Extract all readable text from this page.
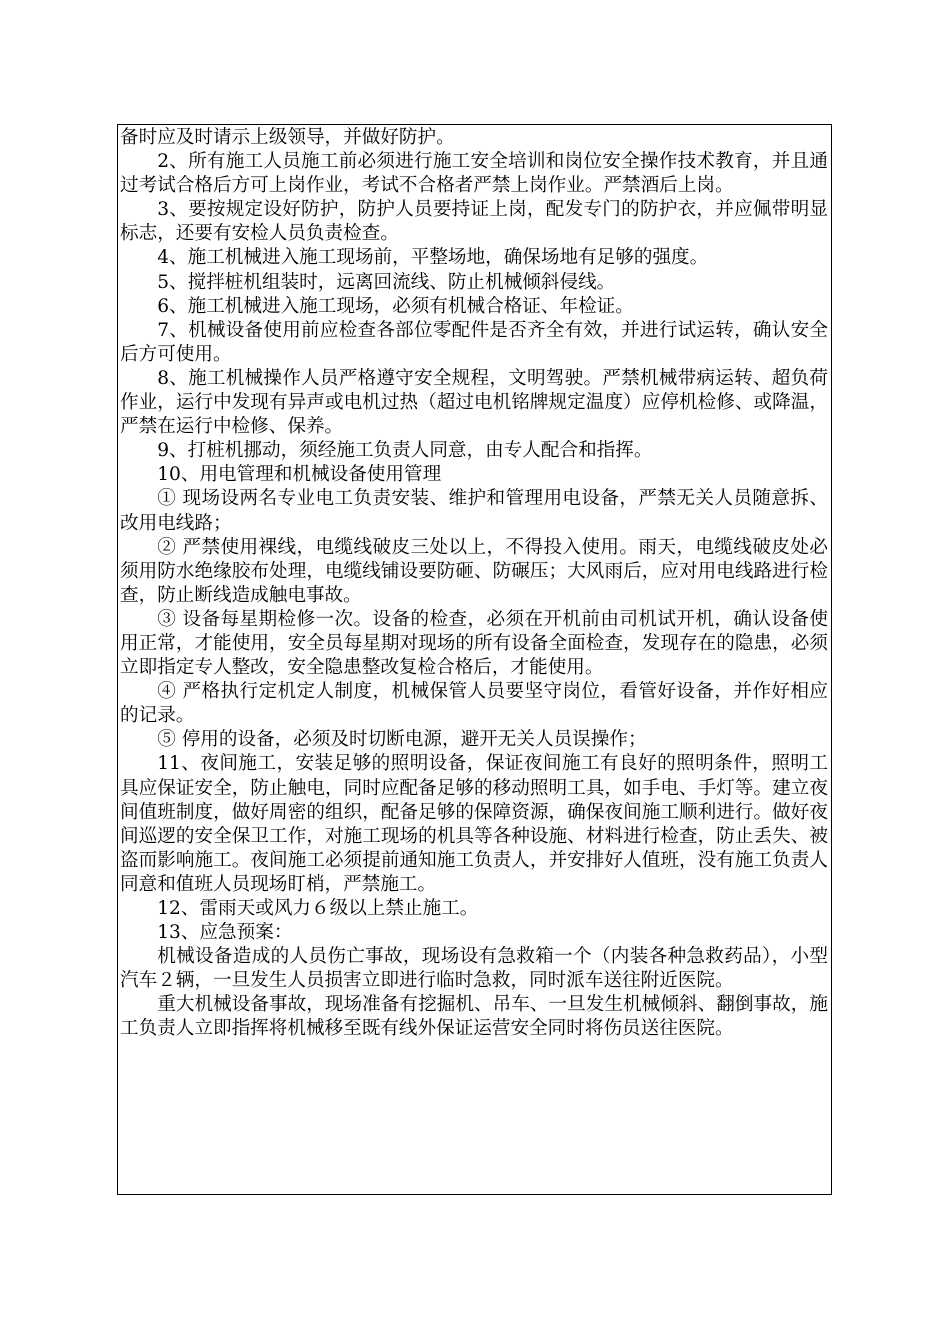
备时应及时请示上级领导，并做好防护。

2、所有施工人员施工前必须进行施工安全培训和岗位安全操作技术教育，并且通过考试合格后方可上岗作业，考试不合格者严禁上岗作业。严禁酒后上岗。

3、要按规定设好防护，防护人员要持证上岗，配发专门的防护衣，并应佩带明显标志，还要有安检人员负责检查。

4、施工机械进入施工现场前，平整场地，确保场地有足够的强度。

5、搅拌桩机组装时，远离回流线、防止机械倾斜侵线。

6、施工机械进入施工现场，必须有机械合格证、年检证。

7、机械设备使用前应检查各部位零配件是否齐全有效，并进行试运转，确认安全后方可使用。

8、施工机械操作人员严格遵守安全规程，文明驾驶。严禁机械带病运转、超负荷作业，运行中发现有异声或电机过热（超过电机铭牌规定温度）应停机检修、或降温，严禁在运行中检修、保养。

9、打桩机挪动，须经施工负责人同意，由专人配合和指挥。

10、用电管理和机械设备使用管理

① 现场设两名专业电工负责安装、维护和管理用电设备，严禁无关人员随意拆、改用电线路；

② 严禁使用裸线，电缆线破皮三处以上，不得投入使用。雨天，电缆线破皮处必须用防水绝缘胶布处理，电缆线铺设要防砸、防碾压；大风雨后，应对用电线路进行检查，防止断线造成触电事故。

③ 设备每星期检修一次。设备的检查，必须在开机前由司机试开机，确认设备使用正常，才能使用，安全员每星期对现场的所有设备全面检查，发现存在的隐患，必须立即指定专人整改，安全隐患整改复检合格后，才能使用。

④ 严格执行定机定人制度，机械保管人员要坚守岗位，看管好设备，并作好相应的记录。

⑤ 停用的设备，必须及时切断电源，避开无关人员误操作；

11、夜间施工，安装足够的照明设备，保证夜间施工有良好的照明条件，照明工具应保证安全，防止触电，同时应配备足够的移动照明工具，如手电、手灯等。建立夜间值班制度，做好周密的组织，配备足够的保障资源，确保夜间施工顺利进行。做好夜间巡逻的安全保卫工作，对施工现场的机具等各种设施、材料进行检查，防止丢失、被盗而影响施工。夜间施工必须提前通知施工负责人，并安排好人值班，没有施工负责人同意和值班人员现场盯梢，严禁施工。

12、雷雨天或风力６级以上禁止施工。

13、应急预案：

机械设备造成的人员伤亡事故，现场设有急救箱一个（内装各种急救药品），小型汽车２辆，一旦发生人员损害立即进行临时急救，同时派车送往附近医院。

重大机械设备事故，现场准备有挖掘机、吊车、一旦发生机械倾斜、翻倒事故，施工负责人立即指挥将机械移至既有线外保证运营安全同时将伤员送往医院。
